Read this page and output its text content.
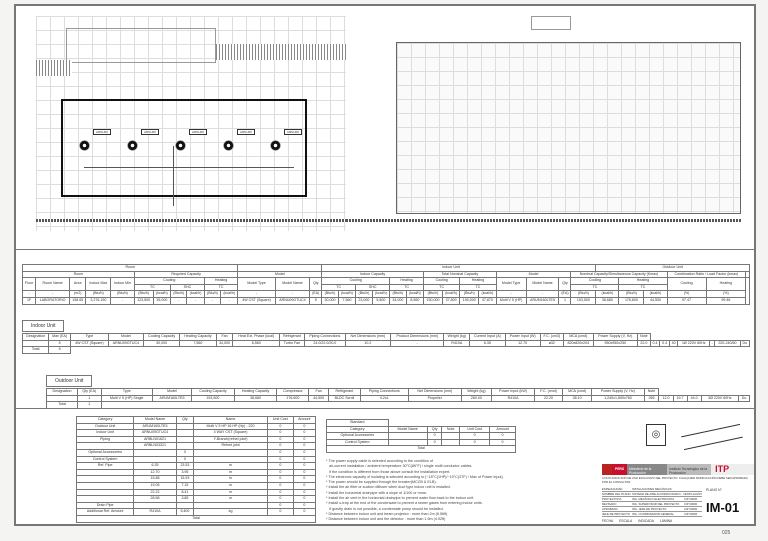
ARNU09	ARNU09	ARNU09	ARNU09	ARNU09
Room														Indoor Unit														Outdoor Unit					
Room					Required Capacity						Model			Indoor Capacity						Total Nominal Capacity				Model			Nominal Capacity/Simultaneous Capacity (Kmax)				Combination Ratio / Load Factor (kmax)		
Floor	Room Name	Area	Indoor Max	Indoor Min	Cooling				Heating		Model Type	Model Name	Qty	Cooling				Heating		Cooling		Heating		Model Type	Model Name	Qty	Cooling		Heating		Cooling	Heating	
					TC		SHC		TC					TC		SHC		TC		TC		TC					TC		TC				
-	-	(m2)	(Btu/h)	(Btu/h)	(Btu/h)	(kcal/h)	(Btu/h)	(kcal/h)	(Btu/h)	(kcal/h)	-	-	(EA)	(Btu/h)	(kcal/h)	(Btu/h)	(kcal/h)	(Btu/h)	(kcal/h)	(Btu/h)	(kcal/h)	(Btu/h)	(kcal/h)	-	-	(EA)	(Btu/h)	(kcal/h)	(Btu/h)	(kcal/h)	(%)	(%)	
1F	LABORATORIO	158.65	3,276,150	-	123,500	35,000	-	-	-	-	4W CST (Square)	ARNU09GTUC4	5	30,000	7,560	23,000	5,800	34,000	8,560	150,000	37,800	190,000	47,870	Multi V 5 (HP)	ARUM160LTE5	1	153,500	38,680	176,600	44,500	97.47	99.46	
Indoor Unit
Designation	Max (EA)	Type	Model	Cooling Capacity	Heating Capacity	Fan	Heat Ext. Phase (kcal)	Refrigerant	Piping Connections	Net Dimensions (mm)	Product Dimensions (mm)	Weight (kg)	Current Input (A)	Power Input (W)	F.C. (cm3)	MCA (cmd)	Power Supply (V, Hz)	Note							
	5	4W CST (Square)	ARNU09GTUC4	30,000	7,560	34,000	8,560	Turbo Fan	24.0/22.0/20.0	10.2	-	R410A	6.35	12.70	ø32	820x820x204	950x950x250	22.0	0.4	0.4	40	1Ø 220V 60Hz	-	220-240/60	Do
Total	5																								
Outdoor Unit
Designation	Qty (EA)	Type	Model	Cooling Capacity	Heating Capacity	Compressor	Fan	Refrigerant	Piping Connections	Net Dimensions (mm)	Weight (kg)	Power Input (kW)	F.C. (cmd)	MCA (cmd)	Power Supply (V, Hz)	Note					
	1	Multi V 5 (HP) Single	ARUM160LTE5	153,500	38,680	176,600	44,500	BLDC Scroll	4.2x1	Propeller	260.00	R410A	22.20	38.10	1,240x1,690x760	265	12.0	19.7	44.0	3Ø 220V 60Hz	Do
Total	1																				
Category	Model Name	Qty	Name	Unit Cost	Amount
Outdoor Unit	ARUM160LTE5		Multi V 5 HP 16 HP (Hp) - 220	0	0
Indoor Unit	ARNU09GTUC4		4 WAY CST (Square)	0	0
Piping	ARBLN01621		Y-Branch(refnet joint)	0	0
	ARBLN03321		Refnet joint	0	0
Optional Accessories		0		0	0
Control System		0		0	0
Ref. Pipe	6.35	23.53	m	0	0
	12.70	3.95	m	0	0
	15.88	15.93	m	0	0
	19.05	7.15	m	0	0
	22.22	8.41	m	0	0
	28.58	3.85	m	0	0
Drain Pipe				0	0
Additional Ref. Amount	R410A	5.400	kg	0	0
Total					
Standard					
Category	Model Name	Qty	Note	Unit Cost	Amount
Optional Accessories		0		0	0
Control System		0		0	0
Total					
* The power supply cable is selected according to the condition of
air-current installation / ambient temperature 30°C(86°F) / single multi conductor cables.
If the condition is different from those above consult the installation expert.
* The electronic capacity of isolating is selected according to [~18°C(1HP)/~19°C(3TF) / Max of Power input].
* The power should be supplied through the breaker(MCCB & ELB).
* Install the air filter or suction diffuser when duct type indoor unit is installed.
* Install the horizontal drainpipe with a slope of 1/100 or more.
* Install the air vent in the horizontal drainpipe to prevent water flow back to the indoor unit.
* Install u-trap at the end of the condensate to prevent a sewer gases from entering indoor units.
If gravity drain is not possible, a condensate pump should be installed.
* Distance between indoor unit and beam projector : more than 2m (6.56ft)
* Distance between indoor unit and fire detector : more than 1.5m (4.92ft)
◎
PERÚ	Ministerio de la Producción
Instituto Tecnológico de la Producción	ITP
LOS PLANOS SON DE USO EXCLUSIVO DEL PROYECTO. CUALQUIER MODIFICACIÓN DEBE SER APROBADA POR EL CONSULTOR.
ESPECIALIDAD	INSTALACIONES MECÁNICAS
NOMBRE DEL PLANO SISTEMA DE AIRE ACONDICIONADO - VENTILACIÓN
PROYECTISTA	ING. MECÁNICO ELECTRICISTA	CIP 00000
REVISADO	ING. SUPERVISOR DEL PROYECTO	CIP 00000
APROBADO	ING. JEFE DE PROYECTO	CIP 00000
JEFE DE PROYECTO ING. COORDINADOR GENERAL	CIP 00000
PLANO N°
IM-01
FECHA ESCALA INDICADA LÁMINA
025
